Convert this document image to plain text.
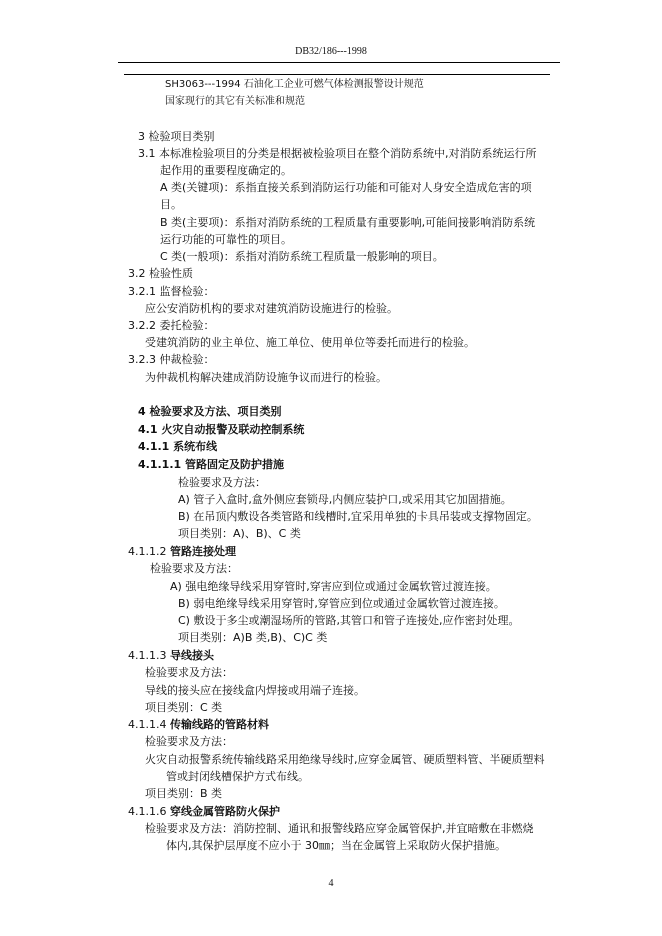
DB32/186---1998
SH3063---1994 石油化工企业可燃气体检测报警设计规范
国家现行的其它有关标准和规范
3 检验项目类别
3.1 本标准检验项目的分类是根据被检验项目在整个消防系统中,对消防系统运行所
起作用的重要程度确定的。
A 类(关键项)：系指直接关系到消防运行功能和可能对人身安全造成危害的项
目。
B 类(主要项)：系指对消防系统的工程质量有重要影响,可能间接影响消防系统
运行功能的可靠性的项目。
C 类(一般项)：系指对消防系统工程质量一般影响的项目。
3.2 检验性质
3.2.1 监督检验：
应公安消防机构的要求对建筑消防设施进行的检验。
3.2.2 委托检验：
受建筑消防的业主单位、施工单位、使用单位等委托而进行的检验。
3.2.3 仲裁检验：
为仲裁机构解决建成消防设施争议而进行的检验。
4 检验要求及方法、项目类别
4.1 火灾自动报警及联动控制系统
4.1.1 系统布线
4.1.1.1 管路固定及防护措施
检验要求及方法：
A) 管子入盒时,盒外侧应套锁母,内侧应装护口,或采用其它加固措施。
B) 在吊顶内敷设各类管路和线槽时,宜采用单独的卡具吊装或支撑物固定。
项目类别：A)、B)、C 类
4.1.1.2 管路连接处理
检验要求及方法：
A) 强电绝缘导线采用穿管时,穿害应到位或通过金属软管过渡连接。
B) 弱电绝缘导线采用穿管时,穿管应到位或通过金属软管过渡连接。
C) 敷设于多尘或潮湿场所的管路,其管口和管子连接处,应作密封处理。
项目类别：A)B 类,B)、C)C 类
4.1.1.3 导线接头
检验要求及方法：
导线的接头应在接线盒内焊接或用端子连接。
项目类别：C 类
4.1.1.4 传输线路的管路材料
检验要求及方法：
火灾自动报警系统传输线路采用绝缘导线时,应穿金属管、硬质塑料管、半硬质塑料
管或封闭线槽保护方式布线。
项目类别：B 类
4.1.1.6 穿线金属管路防火保护
检验要求及方法：消防控制、通讯和报警线路应穿金属管保护,并宜暗敷在非燃烧
体内,其保护层厚度不应小于 30㎜；当在金属管上采取防火保护措施。
4
